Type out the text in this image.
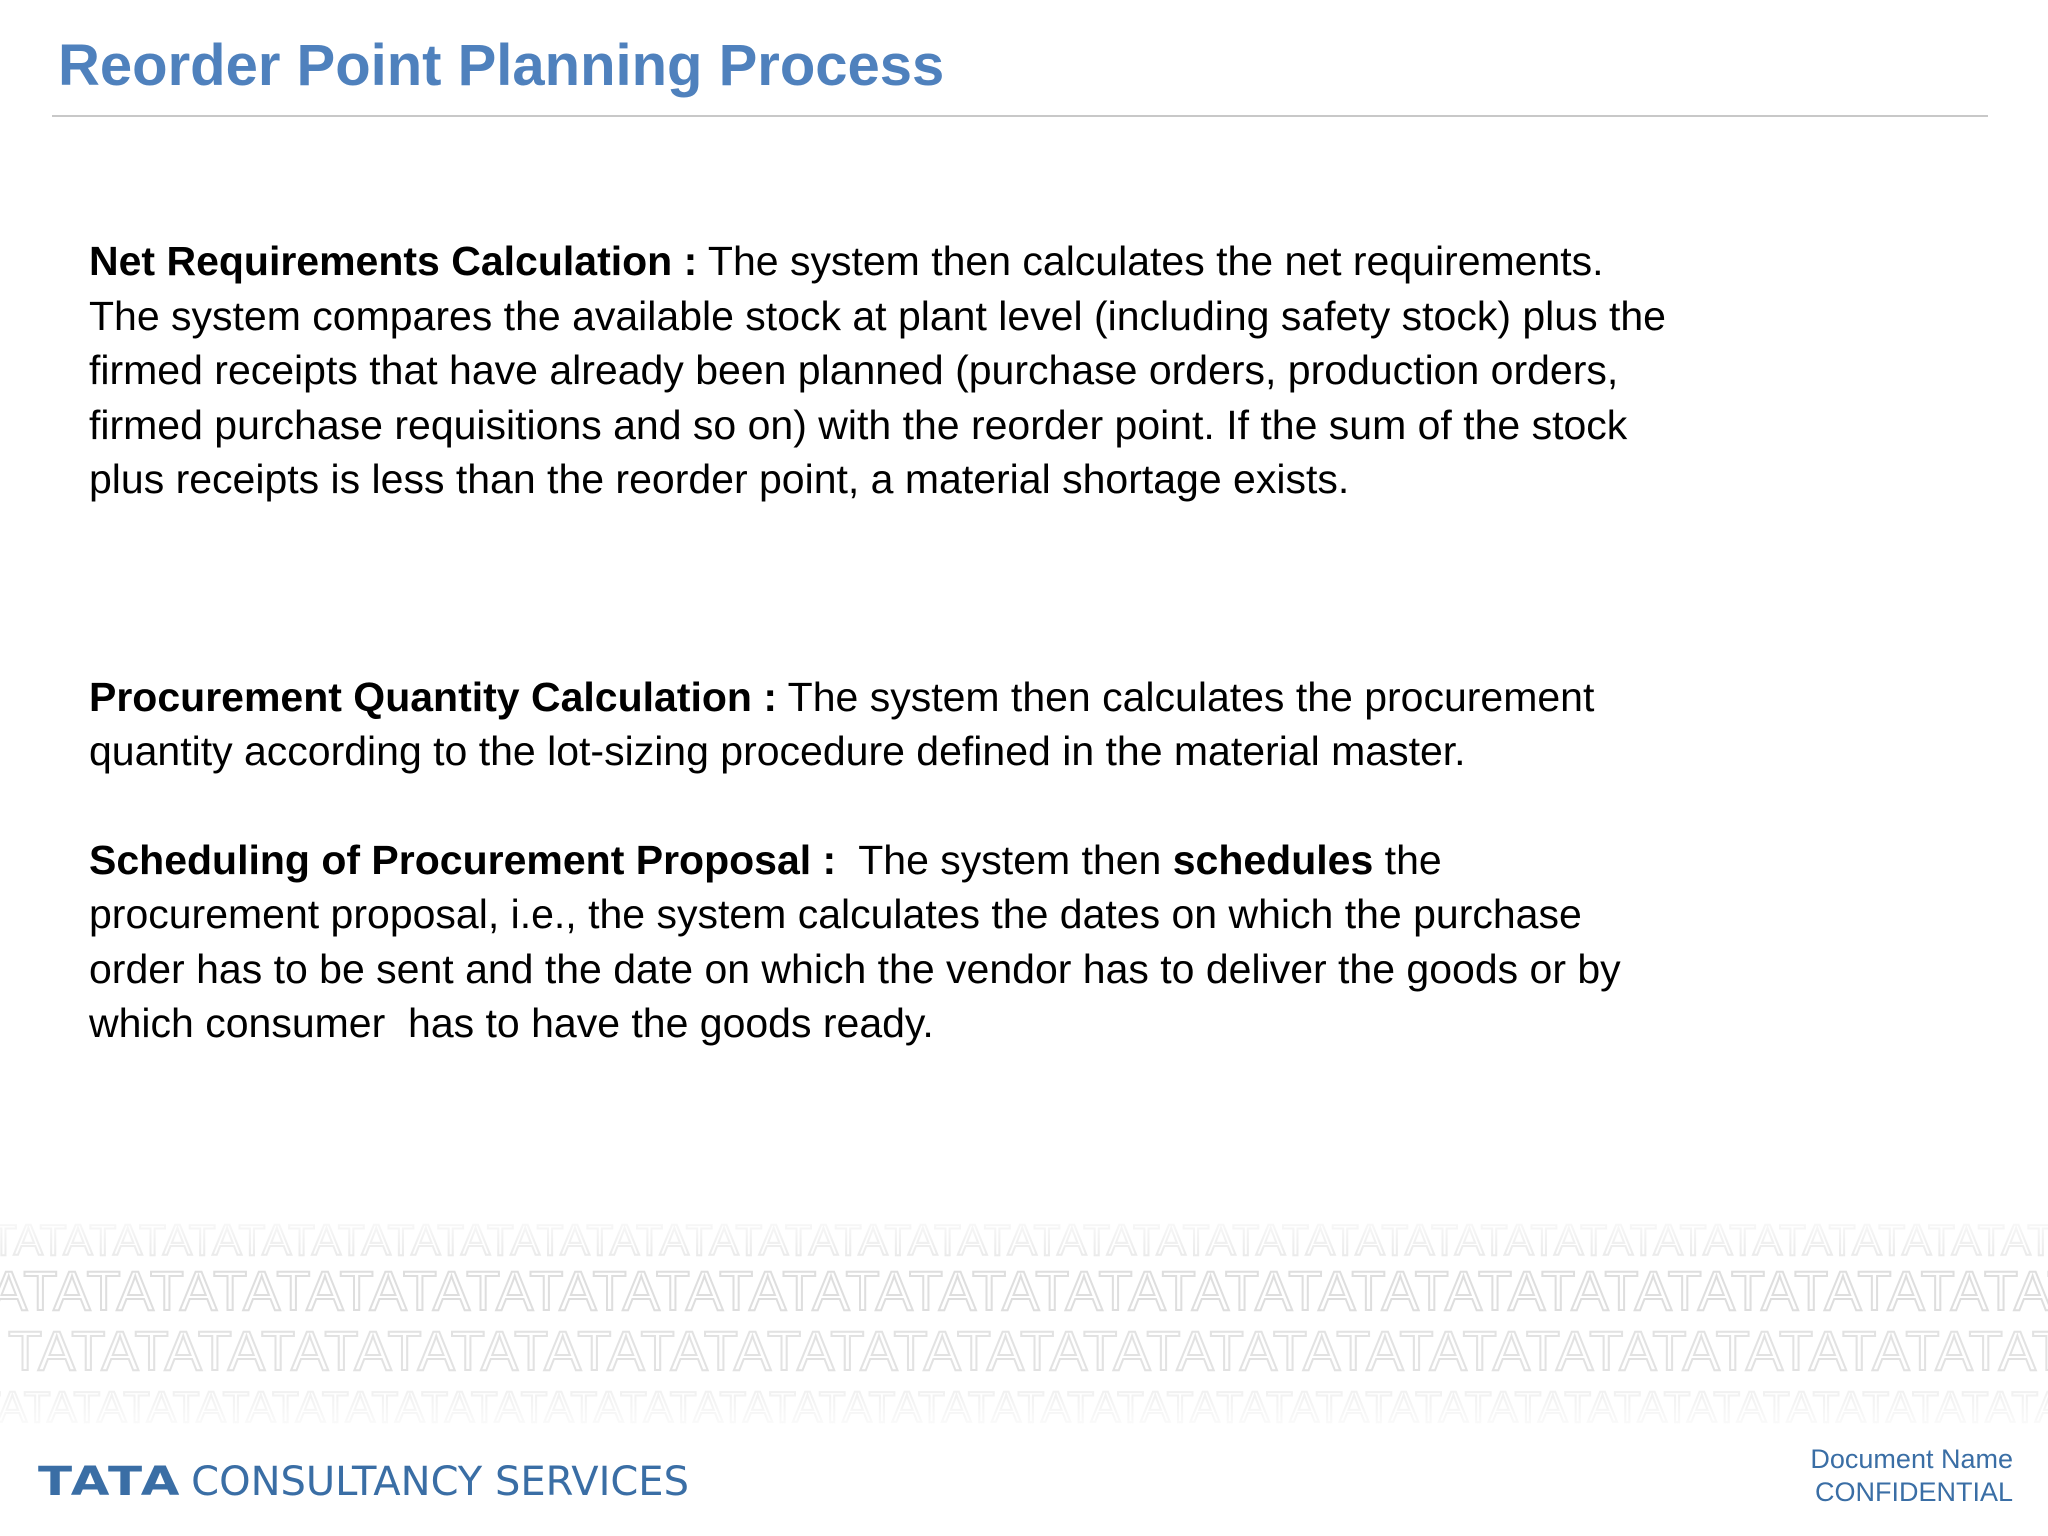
Reorder Point Planning Process

Net Requirements Calculation : The system then calculates the net requirements.
The system compares the available stock at plant level (including safety stock) plus the
firmed receipts that have already been planned (purchase orders, production orders,
firmed purchase requisitions and so on) with the reorder point. If the sum of the stock
plus receipts is less than the reorder point, a material shortage exists.

Procurement Quantity Calculation : The system then calculates the procurement
quantity according to the lot-sizing procedure defined in the material master.

Scheduling of Procurement Proposal :  The system then schedules the
procurement proposal, i.e., the system calculates the dates on which the purchase
order has to be sent and the date on which the vendor has to deliver the goods or by
which consumer  has to have the goods ready.

TATA CONSULTANCY SERVICES	Document Name
CONFIDENTIAL
